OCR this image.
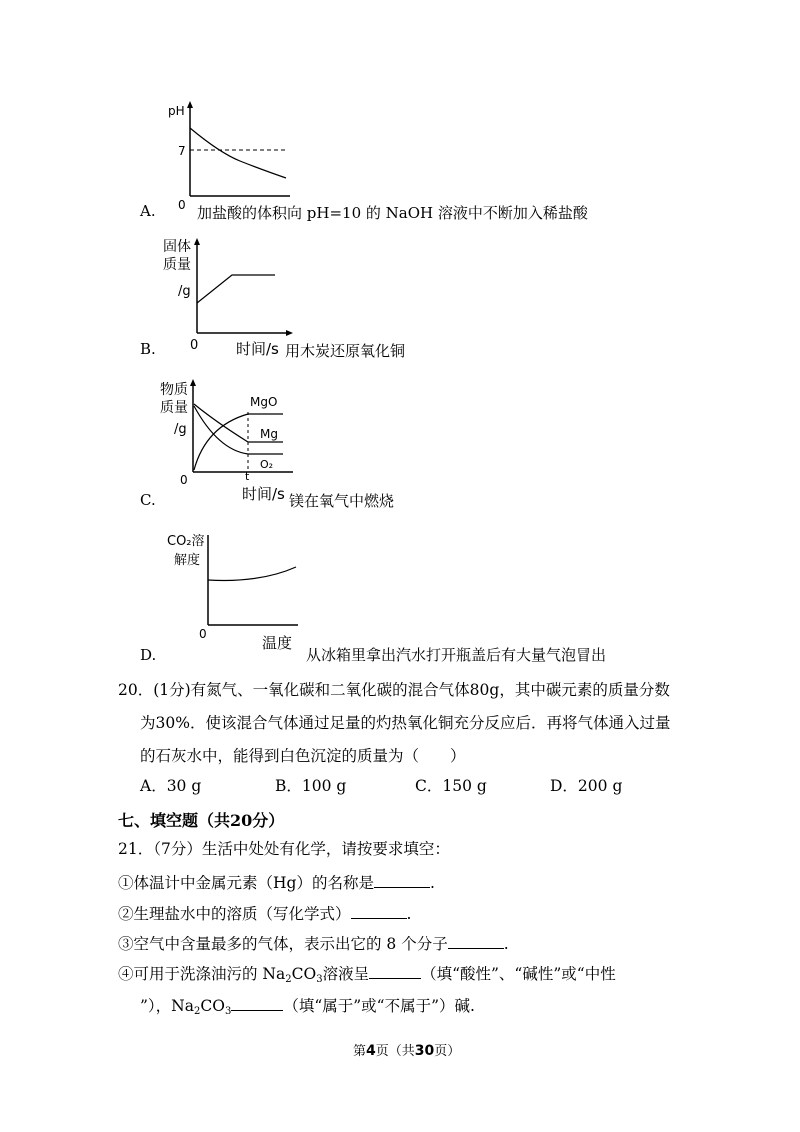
pH
7
0
A.	加盐酸的体积 向 pH=10 的 NaOH 溶液中不断加入稀盐酸
固体
质量
/g
B.	0	时间/s 用木炭还原氧化铜
物质
质量
/g
MgO
Mg
O₂
0	t
C.	时间/s 镁在氧气中燃烧
CO₂溶
解度
0	温度
D.	从冰箱里拿出汽水打开瓶盖后有大量气泡冒出
20．(1分)有氮气、一氧化碳和二氧化碳的混合气体80g，其中碳元素的质量分数
为30%．使该混合气体通过足量的灼热氧化铜充分反应后．再将气体通入过量
的石灰水中，能得到白色沉淀的质量为（　　）
A．30 g	B．100 g	C．150 g	D．200 g
七、填空题（共20分）
21．（7分）生活中处处有化学，请按要求填空：
①体温计中金属元素（Hg）的名称是	.
②生理盐水中的溶质（写化学式）	.
③空气中含量最多的气体，表示出它的 8 个分子	.
④可用于洗涤油污的 $Na_2CO_3$溶液呈	（填“酸性”、“碱性”或“中性
”），$Na_2CO_3$	（填“属于”或“不属于”）碱.
第4页（共30页）
